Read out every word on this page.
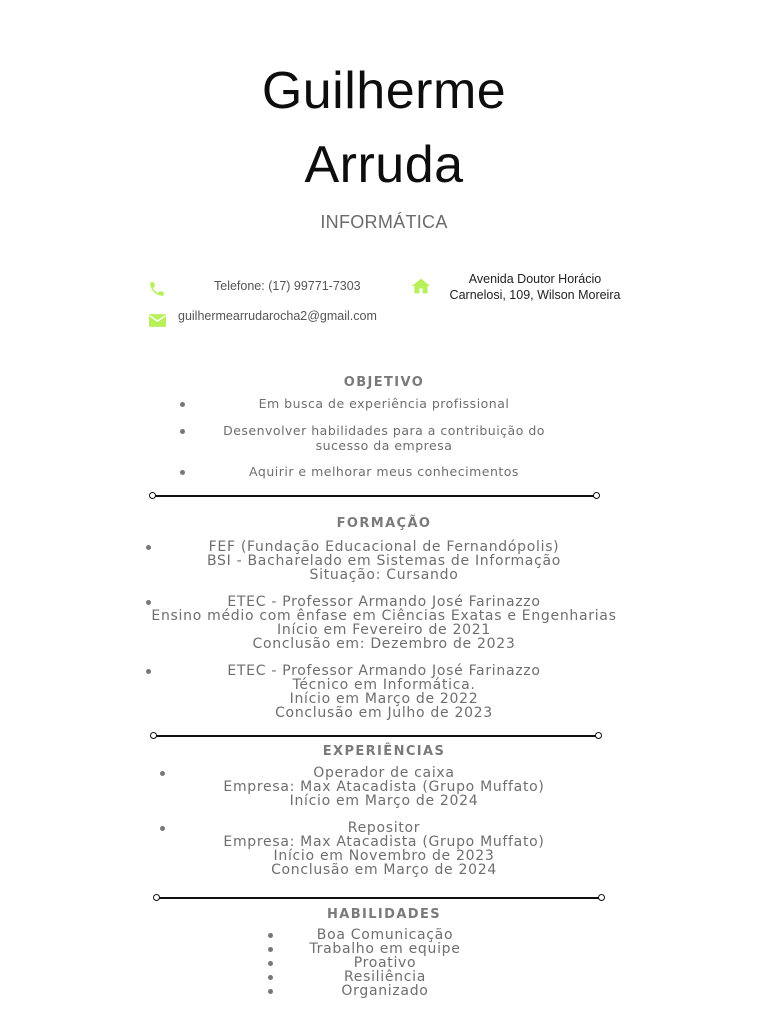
Guilherme
Arruda
INFORMÁTICA
Telefone: (17) 99771-7303	Avenida Doutor Horácio
Carnelosi, 109, Wilson Moreira
guilhermearrudarocha2@gmail.com
OBJETIVO
Em busca de experiência profissional
Desenvolver habilidades para a contribuição do
sucesso da empresa
Aquirir e melhorar meus conhecimentos
FORMAÇÃO
FEF (Fundação Educacional de Fernandópolis)
BSI - Bacharelado em Sistemas de Informação
Situação: Cursando
ETEC - Professor Armando José Farinazzo
Ensino médio com ênfase em Ciências Exatas e Engenharias
Início em Fevereiro de 2021
Conclusão em: Dezembro de 2023
ETEC - Professor Armando José Farinazzo
Técnico em Informática.
Início em Março de 2022
Conclusão em Julho de 2023
EXPERIÊNCIAS
Operador de caixa
Empresa: Max Atacadista (Grupo Muffato)
Início em Março de 2024
Repositor
Empresa: Max Atacadista (Grupo Muffato)
Início em Novembro de 2023
Conclusão em Março de 2024
HABILIDADES
Boa Comunicação
Trabalho em equipe
Proativo
Resiliência
Organizado
